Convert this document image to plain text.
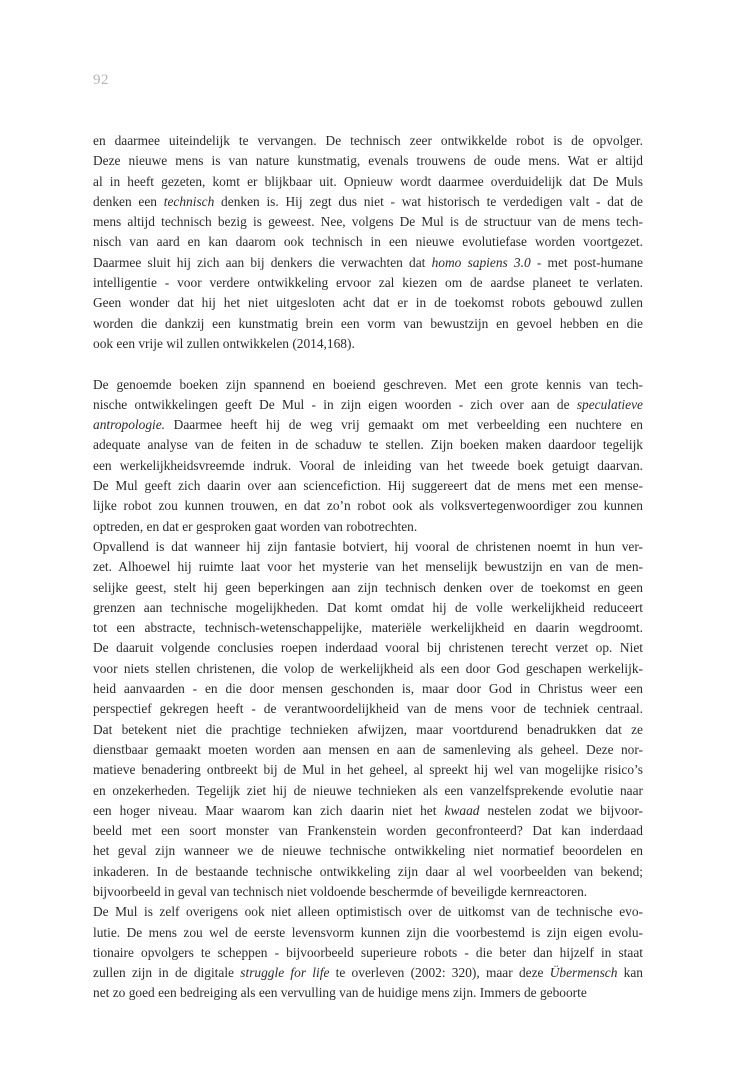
92

en daarmee uiteindelijk te vervangen. De technisch zeer ontwikkelde robot is de opvolger.
Deze nieuwe mens is van nature kunstmatig, evenals trouwens de oude mens. Wat er altijd
al in heeft gezeten, komt er blijkbaar uit. Opnieuw wordt daarmee overduidelijk dat De Muls
denken een technisch denken is. Hij zegt dus niet - wat historisch te verdedigen valt - dat de
mens altijd technisch bezig is geweest. Nee, volgens De Mul is de structuur van de mens tech-
nisch van aard en kan daarom ook technisch in een nieuwe evolutiefase worden voortgezet.
Daarmee sluit hij zich aan bij denkers die verwachten dat homo sapiens 3.0 - met post-humane
intelligentie - voor verdere ontwikkeling ervoor zal kiezen om de aardse planeet te verlaten.
Geen wonder dat hij het niet uitgesloten acht dat er in de toekomst robots gebouwd zullen
worden die dankzij een kunstmatig brein een vorm van bewustzijn en gevoel hebben en die
ook een vrije wil zullen ontwikkelen (2014,168).

De genoemde boeken zijn spannend en boeiend geschreven. Met een grote kennis van tech-
nische ontwikkelingen geeft De Mul - in zijn eigen woorden - zich over aan de speculatieve
antropologie. Daarmee heeft hij de weg vrij gemaakt om met verbeelding een nuchtere en
adequate analyse van de feiten in de schaduw te stellen. Zijn boeken maken daardoor tegelijk
een werkelijkheidsvreemde indruk. Vooral de inleiding van het tweede boek getuigt daarvan.
De Mul geeft zich daarin over aan sciencefiction. Hij suggereert dat de mens met een mense-
lijke robot zou kunnen trouwen, en dat zo’n robot ook als volksvertegenwoordiger zou kunnen
optreden, en dat er gesproken gaat worden van robotrechten.

Opvallend is dat wanneer hij zijn fantasie botviert, hij vooral de christenen noemt in hun ver-
zet. Alhoewel hij ruimte laat voor het mysterie van het menselijk bewustzijn en van de men-
selijke geest, stelt hij geen beperkingen aan zijn technisch denken over de toekomst en geen
grenzen aan technische mogelijkheden. Dat komt omdat hij de volle werkelijkheid reduceert
tot een abstracte, technisch-wetenschappelijke, materiële werkelijkheid en daarin wegdroomt.
De daaruit volgende conclusies roepen inderdaad vooral bij christenen terecht verzet op. Niet
voor niets stellen christenen, die volop de werkelijkheid als een door God geschapen werkelijk-
heid aanvaarden - en die door mensen geschonden is, maar door God in Christus weer een
perspectief gekregen heeft - de verantwoordelijkheid van de mens voor de techniek centraal.
Dat betekent niet die prachtige technieken afwijzen, maar voortdurend benadrukken dat ze
dienstbaar gemaakt moeten worden aan mensen en aan de samenleving als geheel. Deze nor-
matieve benadering ontbreekt bij de Mul in het geheel, al spreekt hij wel van mogelijke risico’s
en onzekerheden. Tegelijk ziet hij de nieuwe technieken als een vanzelfsprekende evolutie naar
een hoger niveau. Maar waarom kan zich daarin niet het kwaad nestelen zodat we bijvoor-
beeld met een soort monster van Frankenstein worden geconfronteerd? Dat kan inderdaad
het geval zijn wanneer we de nieuwe technische ontwikkeling niet normatief beoordelen en
inkaderen. In de bestaande technische ontwikkeling zijn daar al wel voorbeelden van bekend;
bijvoorbeeld in geval van technisch niet voldoende beschermde of beveiligde kernreactoren.

De Mul is zelf overigens ook niet alleen optimistisch over de uitkomst van de technische evo-
lutie. De mens zou wel de eerste levensvorm kunnen zijn die voorbestemd is zijn eigen evolu-
tionaire opvolgers te scheppen - bijvoorbeeld superieure robots - die beter dan hijzelf in staat
zullen zijn in de digitale struggle for life te overleven (2002: 320), maar deze Übermensch kan
net zo goed een bedreiging als een vervulling van de huidige mens zijn. Immers de geboorte
